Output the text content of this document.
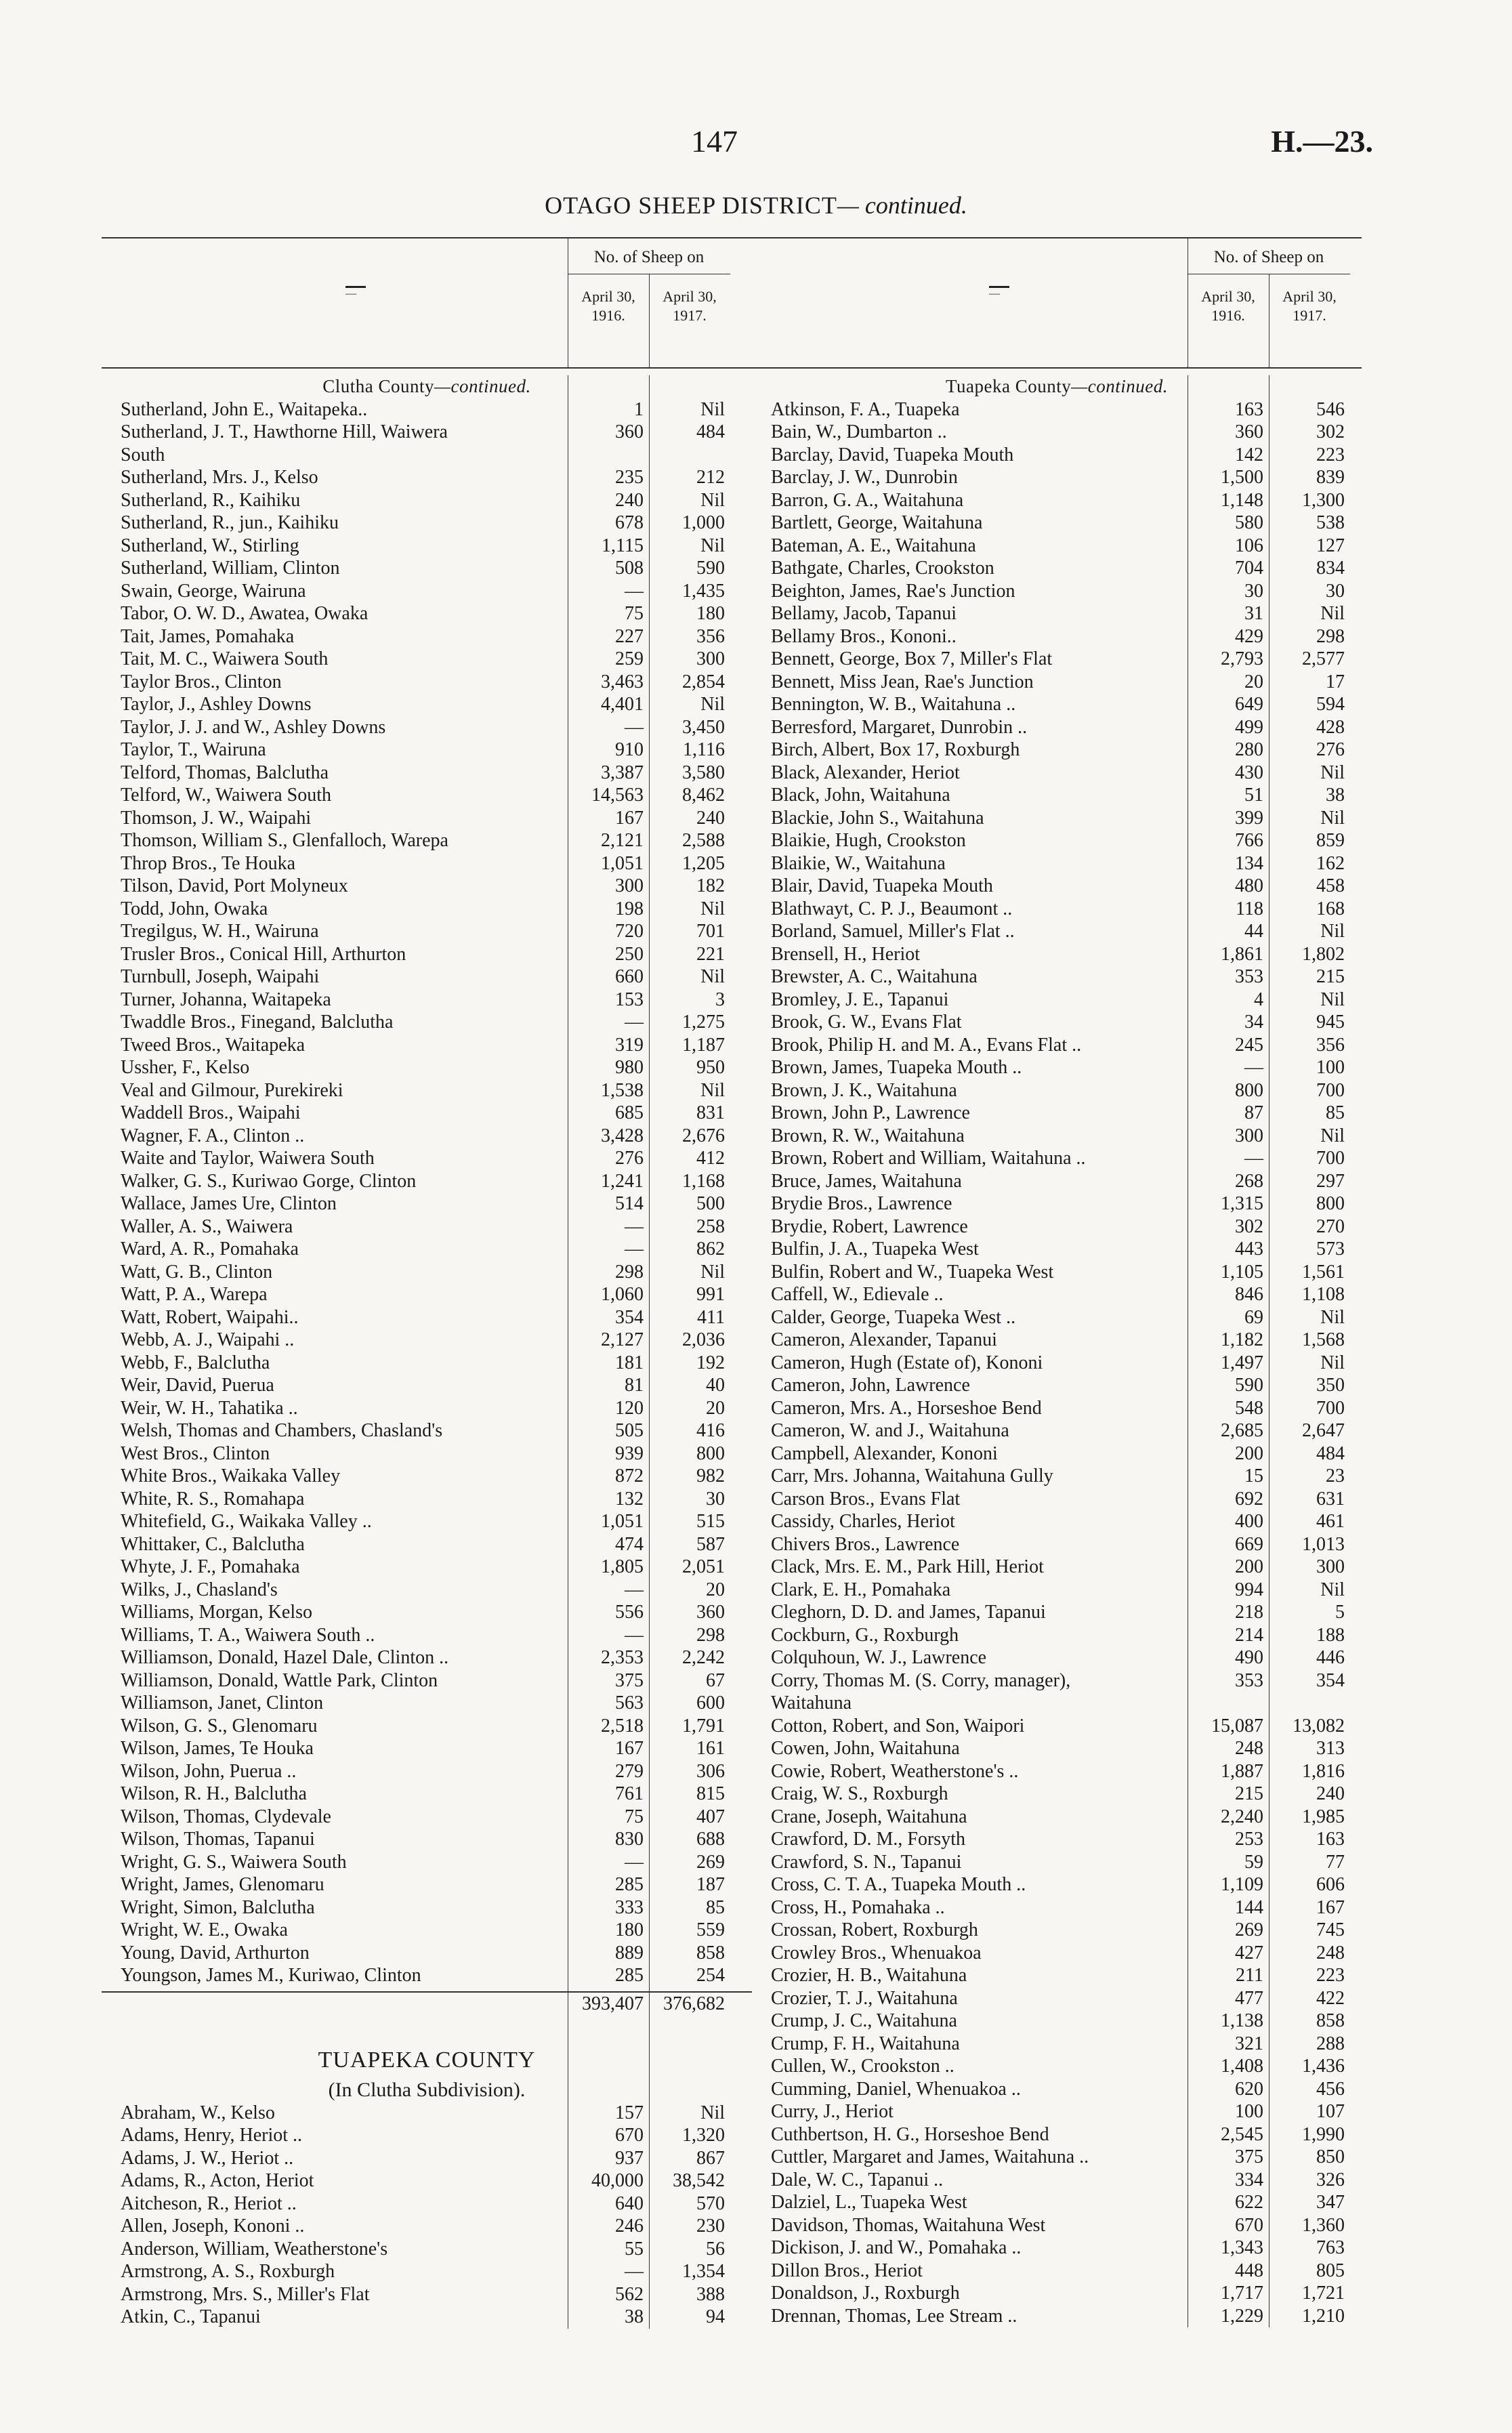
147	H.—23.
OTAGO SHEEP DISTRICT— continued.
—
No. of Sheep on
April 30,
1916.
April 30,
1917.
Clutha County—continued.
Sutherland, John E., Waitapeka..	1	Nil
Sutherland, J. T., Hawthorne Hill, Waiwera	360	484
South
Sutherland, Mrs. J., Kelso	235	212
Sutherland, R., Kaihiku	240	Nil
Sutherland, R., jun., Kaihiku	678	1,000
Sutherland, W., Stirling	1,115	Nil
Sutherland, William, Clinton	508	590
Swain, George, Wairuna	—	1,435
Tabor, O. W. D., Awatea, Owaka	75	180
Tait, James, Pomahaka	227	356
Tait, M. C., Waiwera South	259	300
Taylor Bros., Clinton	3,463	2,854
Taylor, J., Ashley Downs	4,401	Nil
Taylor, J. J. and W., Ashley Downs	—	3,450
Taylor, T., Wairuna	910	1,116
Telford, Thomas, Balclutha	3,387	3,580
Telford, W., Waiwera South	14,563	8,462
Thomson, J. W., Waipahi	167	240
Thomson, William S., Glenfalloch, Warepa	2,121	2,588
Throp Bros., Te Houka	1,051	1,205
Tilson, David, Port Molyneux	300	182
Todd, John, Owaka	198	Nil
Tregilgus, W. H., Wairuna	720	701
Trusler Bros., Conical Hill, Arthurton	250	221
Turnbull, Joseph, Waipahi	660	Nil
Turner, Johanna, Waitapeka	153	3
Twaddle Bros., Finegand, Balclutha	—	1,275
Tweed Bros., Waitapeka	319	1,187
Ussher, F., Kelso	980	950
Veal and Gilmour, Purekireki	1,538	Nil
Waddell Bros., Waipahi	685	831
Wagner, F. A., Clinton ..	3,428	2,676
Waite and Taylor, Waiwera South	276	412
Walker, G. S., Kuriwao Gorge, Clinton	1,241	1,168
Wallace, James Ure, Clinton	514	500
Waller, A. S., Waiwera	—	258
Ward, A. R., Pomahaka	—	862
Watt, G. B., Clinton	298	Nil
Watt, P. A., Warepa	1,060	991
Watt, Robert, Waipahi..	354	411
Webb, A. J., Waipahi ..	2,127	2,036
Webb, F., Balclutha	181	192
Weir, David, Puerua	81	40
Weir, W. H., Tahatika ..	120	20
Welsh, Thomas and Chambers, Chasland's	505	416
West Bros., Clinton	939	800
White Bros., Waikaka Valley	872	982
White, R. S., Romahapa	132	30
Whitefield, G., Waikaka Valley ..	1,051	515
Whittaker, C., Balclutha	474	587
Whyte, J. F., Pomahaka	1,805	2,051
Wilks, J., Chasland's	—	20
Williams, Morgan, Kelso	556	360
Williams, T. A., Waiwera South ..	—	298
Williamson, Donald, Hazel Dale, Clinton ..	2,353	2,242
Williamson, Donald, Wattle Park, Clinton	375	67
Williamson, Janet, Clinton	563	600
Wilson, G. S., Glenomaru	2,518	1,791
Wilson, James, Te Houka	167	161
Wilson, John, Puerua ..	279	306
Wilson, R. H., Balclutha	761	815
Wilson, Thomas, Clydevale	75	407
Wilson, Thomas, Tapanui	830	688
Wright, G. S., Waiwera South	—	269
Wright, James, Glenomaru	285	187
Wright, Simon, Balclutha	333	85
Wright, W. E., Owaka	180	559
Young, David, Arthurton	889	858
Youngson, James M., Kuriwao, Clinton	285	254
393,407	376,682
TUAPEKA COUNTY
(In Clutha Subdivision).
Abraham, W., Kelso	157	Nil
Adams, Henry, Heriot ..	670	1,320
Adams, J. W., Heriot ..	937	867
Adams, R., Acton, Heriot	40,000	38,542
Aitcheson, R., Heriot ..	640	570
Allen, Joseph, Kononi ..	246	230
Anderson, William, Weatherstone's	55	56
Armstrong, A. S., Roxburgh	—	1,354
Armstrong, Mrs. S., Miller's Flat	562	388
Atkin, C., Tapanui	38	94
—
No. of Sheep on
April 30,
1916.
April 30,
1917.
Tuapeka County—continued.
Atkinson, F. A., Tuapeka	163	546
Bain, W., Dumbarton ..	360	302
Barclay, David, Tuapeka Mouth	142	223
Barclay, J. W., Dunrobin	1,500	839
Barron, G. A., Waitahuna	1,148	1,300
Bartlett, George, Waitahuna	580	538
Bateman, A. E., Waitahuna	106	127
Bathgate, Charles, Crookston	704	834
Beighton, James, Rae's Junction	30	30
Bellamy, Jacob, Tapanui	31	Nil
Bellamy Bros., Kononi..	429	298
Bennett, George, Box 7, Miller's Flat	2,793	2,577
Bennett, Miss Jean, Rae's Junction	20	17
Bennington, W. B., Waitahuna ..	649	594
Berresford, Margaret, Dunrobin ..	499	428
Birch, Albert, Box 17, Roxburgh	280	276
Black, Alexander, Heriot	430	Nil
Black, John, Waitahuna	51	38
Blackie, John S., Waitahuna	399	Nil
Blaikie, Hugh, Crookston	766	859
Blaikie, W., Waitahuna	134	162
Blair, David, Tuapeka Mouth	480	458
Blathwayt, C. P. J., Beaumont ..	118	168
Borland, Samuel, Miller's Flat ..	44	Nil
Brensell, H., Heriot	1,861	1,802
Brewster, A. C., Waitahuna	353	215
Bromley, J. E., Tapanui	4	Nil
Brook, G. W., Evans Flat	34	945
Brook, Philip H. and M. A., Evans Flat ..	245	356
Brown, James, Tuapeka Mouth ..	—	100
Brown, J. K., Waitahuna	800	700
Brown, John P., Lawrence	87	85
Brown, R. W., Waitahuna	300	Nil
Brown, Robert and William, Waitahuna ..	—	700
Bruce, James, Waitahuna	268	297
Brydie Bros., Lawrence	1,315	800
Brydie, Robert, Lawrence	302	270
Bulfin, J. A., Tuapeka West	443	573
Bulfin, Robert and W., Tuapeka West	1,105	1,561
Caffell, W., Edievale ..	846	1,108
Calder, George, Tuapeka West ..	69	Nil
Cameron, Alexander, Tapanui	1,182	1,568
Cameron, Hugh (Estate of), Kononi	1,497	Nil
Cameron, John, Lawrence	590	350
Cameron, Mrs. A., Horseshoe Bend	548	700
Cameron, W. and J., Waitahuna	2,685	2,647
Campbell, Alexander, Kononi	200	484
Carr, Mrs. Johanna, Waitahuna Gully	15	23
Carson Bros., Evans Flat	692	631
Cassidy, Charles, Heriot	400	461
Chivers Bros., Lawrence	669	1,013
Clack, Mrs. E. M., Park Hill, Heriot	200	300
Clark, E. H., Pomahaka	994	Nil
Cleghorn, D. D. and James, Tapanui	218	5
Cockburn, G., Roxburgh	214	188
Colquhoun, W. J., Lawrence	490	446
Corry, Thomas M. (S. Corry, manager),	353	354
Waitahuna
Cotton, Robert, and Son, Waipori	15,087	13,082
Cowen, John, Waitahuna	248	313
Cowie, Robert, Weatherstone's ..	1,887	1,816
Craig, W. S., Roxburgh	215	240
Crane, Joseph, Waitahuna	2,240	1,985
Crawford, D. M., Forsyth	253	163
Crawford, S. N., Tapanui	59	77
Cross, C. T. A., Tuapeka Mouth ..	1,109	606
Cross, H., Pomahaka ..	144	167
Crossan, Robert, Roxburgh	269	745
Crowley Bros., Whenuakoa	427	248
Crozier, H. B., Waitahuna	211	223
Crozier, T. J., Waitahuna	477	422
Crump, J. C., Waitahuna	1,138	858
Crump, F. H., Waitahuna	321	288
Cullen, W., Crookston ..	1,408	1,436
Cumming, Daniel, Whenuakoa ..	620	456
Curry, J., Heriot	100	107
Cuthbertson, H. G., Horseshoe Bend	2,545	1,990
Cuttler, Margaret and James, Waitahuna ..	375	850
Dale, W. C., Tapanui ..	334	326
Dalziel, L., Tuapeka West	622	347
Davidson, Thomas, Waitahuna West	670	1,360
Dickison, J. and W., Pomahaka ..	1,343	763
Dillon Bros., Heriot	448	805
Donaldson, J., Roxburgh	1,717	1,721
Drennan, Thomas, Lee Stream ..	1,229	1,210
